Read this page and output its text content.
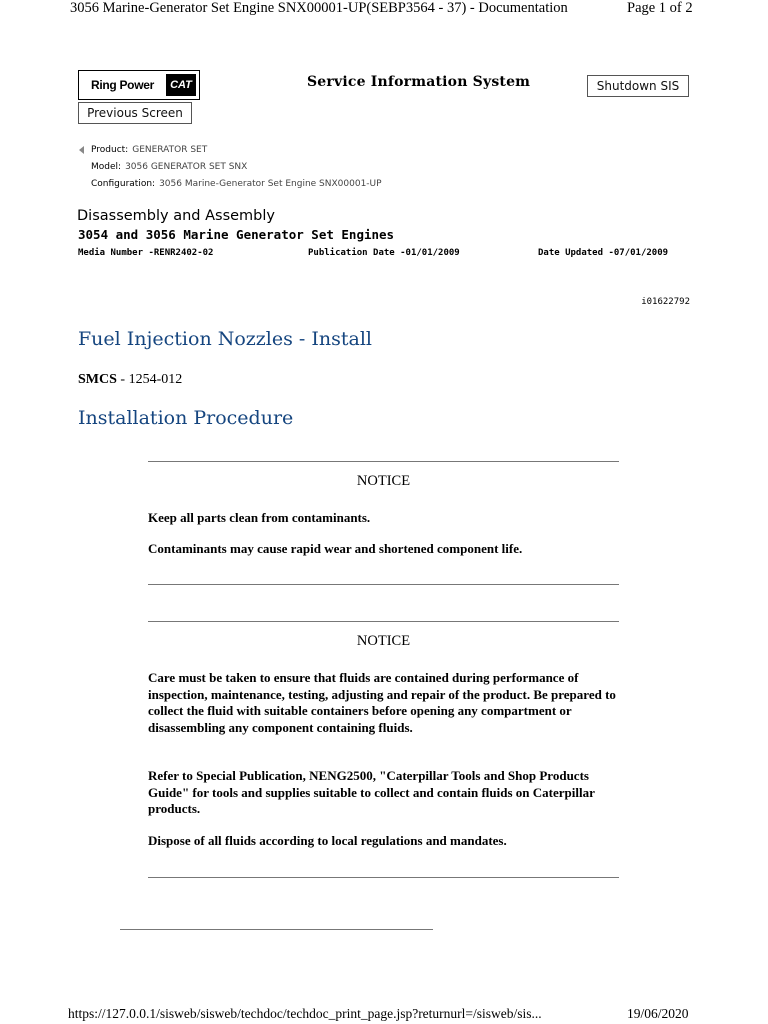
3056 Marine-Generator Set Engine SNX00001-UP(SEBP3564 - 37) - Documentation	Page 1 of 2
Ring Power	CAT	Service Information System	Shutdown SIS
Previous Screen
Product: GENERATOR SET
Model: 3056 GENERATOR SET SNX
Configuration: 3056 Marine-Generator Set Engine SNX00001-UP
Disassembly and Assembly
3054 and 3056 Marine Generator Set Engines
Media Number -RENR2402-02	Publication Date -01/01/2009	Date Updated -07/01/2009
i01622792
Fuel Injection Nozzles - Install
SMCS - 1254-012
Installation Procedure
NOTICE
Keep all parts clean from contaminants.
Contaminants may cause rapid wear and shortened component life.
NOTICE
Care must be taken to ensure that fluids are contained during performance of inspection, maintenance, testing, adjusting and repair of the product. Be prepared to collect the fluid with suitable containers before opening any compartment or disassembling any component containing fluids.
Refer to Special Publication, NENG2500, "Caterpillar Tools and Shop Products Guide" for tools and supplies suitable to collect and contain fluids on Caterpillar products.
Dispose of all fluids according to local regulations and mandates.
https://127.0.0.1/sisweb/sisweb/techdoc/techdoc_print_page.jsp?returnurl=/sisweb/sis...	19/06/2020
